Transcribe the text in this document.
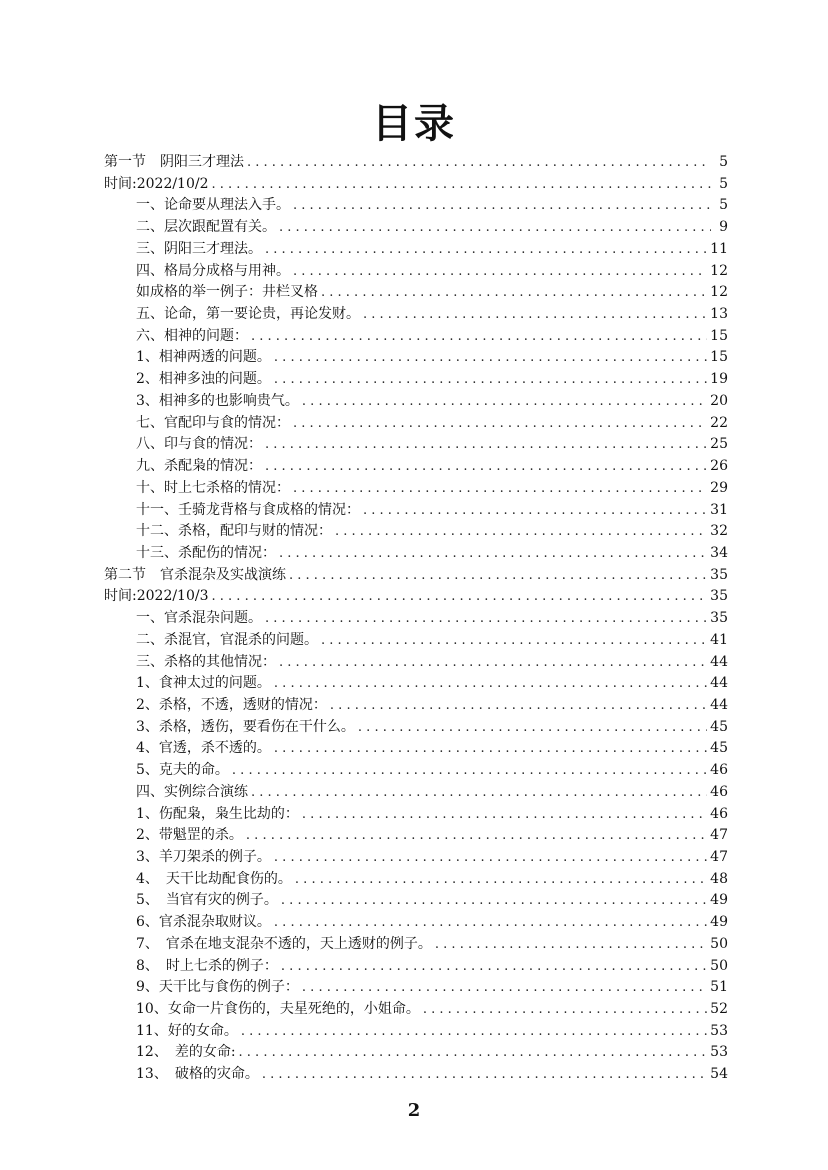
目录
第一节　阴阳三才理法 . . .	5
时间:2022/10/2 . . .	5
一、论命要从理法入手。 . . .	5
二、层次跟配置有关。 . . .	9
三、阴阳三才理法。 . . .	11
四、格局分成格与用神。 . . .	12
如成格的举一例子：井栏叉格 . . .	12
五、论命，第一要论贵，再论发财。 . . .	13
六、相神的问题： . . .	15
1、相神两透的问题。 . . .	15
2、相神多浊的问题。 . . .	19
3、相神多的也影响贵气。 . . .	20
七、官配印与食的情况： . . .	22
八、印与食的情况： . . .	25
九、杀配枭的情况： . . .	26
十、时上七杀格的情况： . . .	29
十一、壬骑龙背格与食成格的情况： . . .	31
十二、杀格，配印与财的情况： . . .	32
十三、杀配伤的情况： . . .	34
第二节　官杀混杂及实战演练 . . .	35
时间:2022/10/3 . . .	35
一、官杀混杂问题。 . . .	35
二、杀混官，官混杀的问题。 . . .	41
三、杀格的其他情况： . . .	44
1、食神太过的问题。 . . .	44
2、杀格，不透，透财的情况： . . .	44
3、杀格，透伤，要看伤在干什么。 . . .	45
4、官透，杀不透的。 . . .	45
5、克夫的命。 . . .	46
四、实例综合演练 . . .	46
1、伤配枭，枭生比劫的： . . .	46
2、带魁罡的杀。 . . .	47
3、羊刀架杀的例子。 . . .	47
4、　天干比劫配食伤的。 . . .	48
5、　当官有灾的例子。 . . .	49
6、官杀混杂取财议。 . . .	49
7、　官杀在地支混杂不透的，天上透财的例子。 . . .	50
8、　时上七杀的例子： . . .	50
9、天干比与食伤的例子： . . .	51
10、女命一片食伤的，夫星死绝的，小姐命。 . . .	52
11、好的女命。 . . .	53
12、　差的女命: . . .	53
13、　破格的灾命。 . . .	54
2
